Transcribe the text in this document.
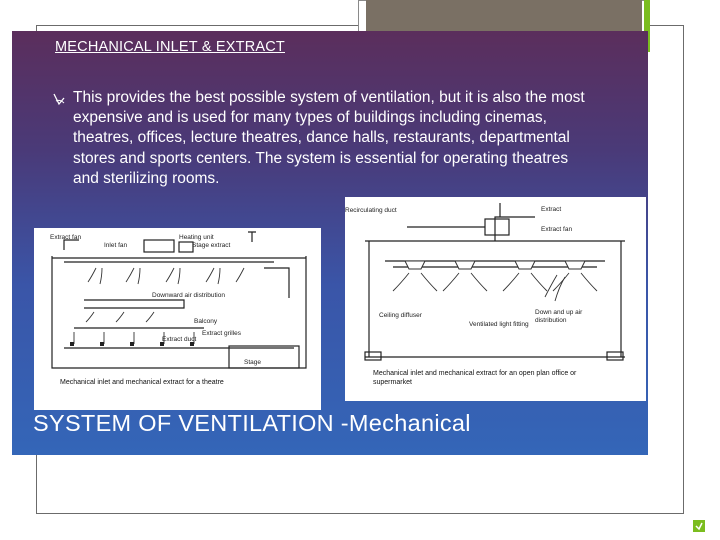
MECHANICAL INLET & EXTRACT
This provides the best possible system of ventilation, but it is also the most expensive and is used for many types of buildings including cinemas, theatres, offices, lecture theatres, dance halls, restaurants, departmental stores and sports centers. The system is essential for operating theatres and sterilizing rooms.
Extract fan
Inlet fan
Heating unit
Stage extract
Downward air distribution
Balcony
Extract grilles
Extract duct
Stage
Mechanical inlet and mechanical extract for a theatre
Recirculating duct	Extract
Extract fan
Ceiling diffuser
Ventilated light fitting
Down and up air distribution
Mechanical inlet and mechanical extract for an open plan office or supermarket
SYSTEM OF VENTILATION -Mechanical
